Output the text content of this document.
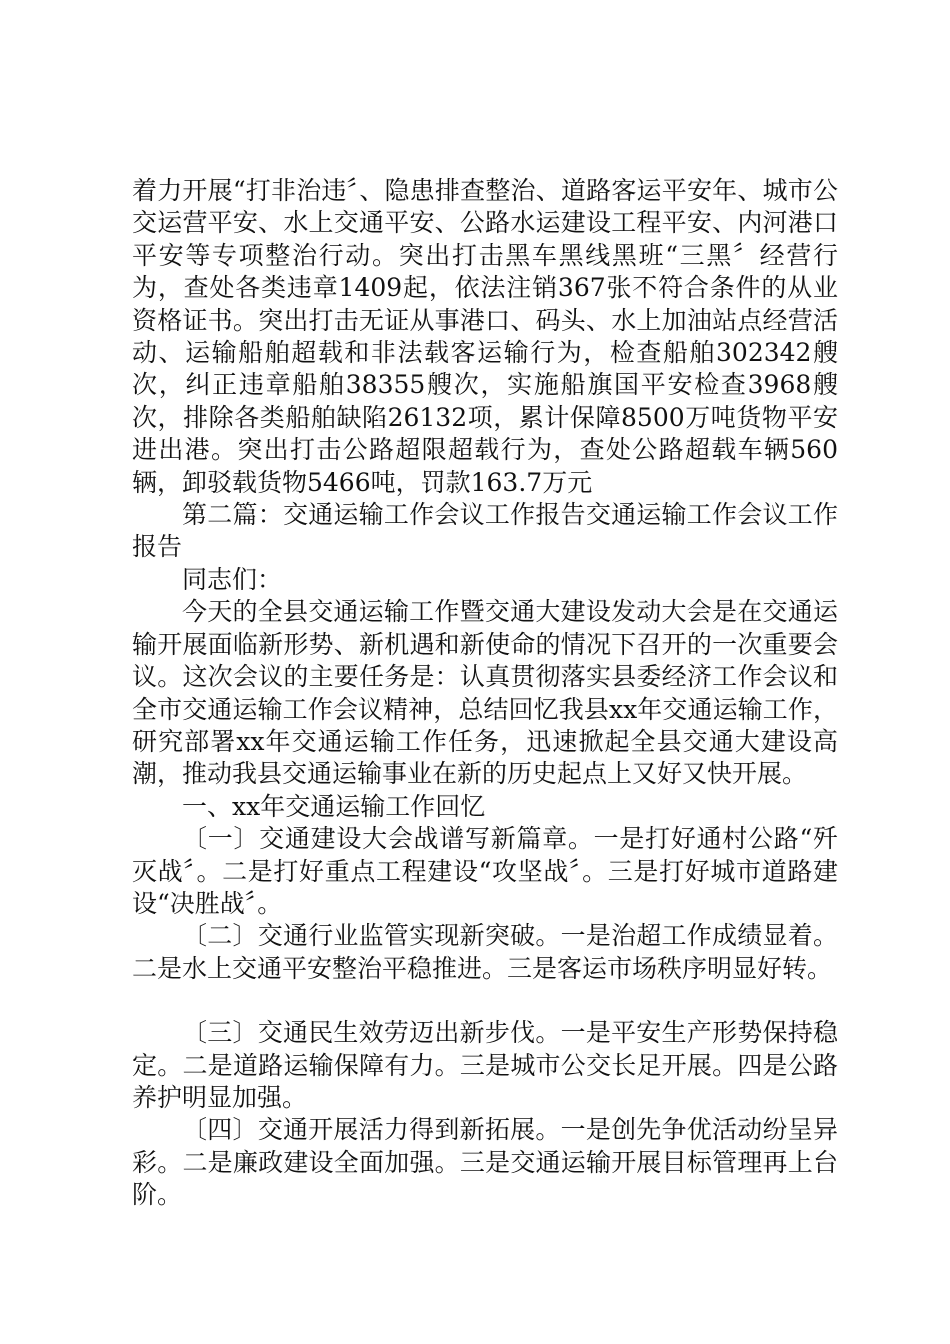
着力开展“打非治违〞、隐患排查整治、道路客运平安年、城市公交运营平安、水上交通平安、公路水运建设工程平安、内河港口平安等专项整治行动。突出打击黑车黑线黑班“三黑〞经营行为，查处各类违章1409起，依法注销367张不符合条件的从业资格证书。突出打击无证从事港口、码头、水上加油站点经营活动、运输船舶超载和非法载客运输行为，检查船舶302342艘次，纠正违章船舶38355艘次，实施船旗国平安检查3968艘次，排除各类船舶缺陷26132项，累计保障8500万吨货物平安进出港。突出打击公路超限超载行为，查处公路超载车辆560辆，卸驳载货物5466吨，罚款163.7万元

第二篇：交通运输工作会议工作报告交通运输工作会议工作报告

同志们：

今天的全县交通运输工作暨交通大建设发动大会是在交通运输开展面临新形势、新机遇和新使命的情况下召开的一次重要会议。这次会议的主要任务是：认真贯彻落实县委经济工作会议和全市交通运输工作会议精神，总结回忆我县xx年交通运输工作，研究部署xx年交通运输工作任务，迅速掀起全县交通大建设高潮，推动我县交通运输事业在新的历史起点上又好又快开展。

一、xx年交通运输工作回忆

〔一〕交通建设大会战谱写新篇章。一是打好通村公路“歼灭战〞。二是打好重点工程建设“攻坚战〞。三是打好城市道路建设“决胜战〞。

〔二〕交通行业监管实现新突破。一是治超工作成绩显着。二是水上交通平安整治平稳推进。三是客运市场秩序明显好转。

〔三〕交通民生效劳迈出新步伐。一是平安生产形势保持稳定。二是道路运输保障有力。三是城市公交长足开展。四是公路养护明显加强。

〔四〕交通开展活力得到新拓展。一是创先争优活动纷呈异彩。二是廉政建设全面加强。三是交通运输开展目标管理再上台阶。
